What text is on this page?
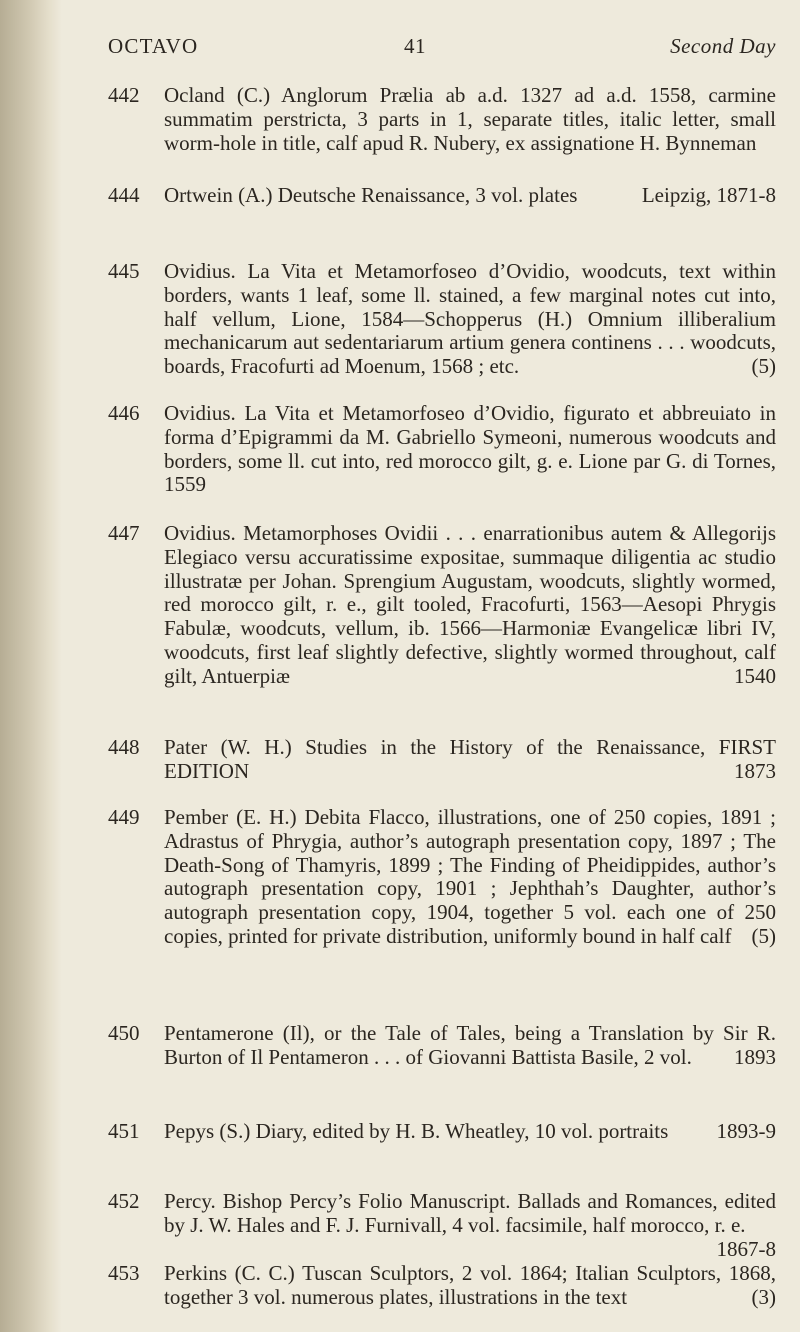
OCTAVO	41	Second Day
442	Ocland (C.) Anglorum Prælia ab a.d. 1327 ad a.d. 1558, carmine summatim perstricta, 3 parts in 1, separate titles, italic letter, small worm-hole in title, calf apud R. Nubery, ex assignatione H. Bynneman
444	Ortwein (A.) Deutsche Renaissance, 3 vol. plates	Leipzig, 1871-8
445	Ovidius. La Vita et Metamorfoseo d’Ovidio, woodcuts, text within borders, wants 1 leaf, some ll. stained, a few marginal notes cut into, half vellum, Lione, 1584—Schopperus (H.) Omnium illiberalium mechanicarum aut sedentariarum artium genera continens . . . woodcuts, boards, Fracofurti ad Moenum, 1568 ; etc.	(5)
446	Ovidius. La Vita et Metamorfoseo d’Ovidio, figurato et abbreuiato in forma d’Epigrammi da M. Gabriello Symeoni, numerous woodcuts and borders, some ll. cut into, red morocco gilt, g. e. Lione par G. di Tornes, 1559
447	Ovidius. Metamorphoses Ovidii . . . enarrationibus autem & Allegorijs Elegiaco versu accuratissime expositae, summaque diligentia ac studio illustratæ per Johan. Sprengium Augustam, woodcuts, slightly wormed, red morocco gilt, r. e., gilt tooled, Fracofurti, 1563—Aesopi Phrygis Fabulæ, woodcuts, vellum, ib. 1566—Harmoniæ Evangelicæ libri IV, woodcuts, first leaf slightly defective, slightly wormed throughout, calf gilt, Antuerpiæ	1540
448	Pater (W. H.) Studies in the History of the Renaissance, FIRST EDITION	1873
449	Pember (E. H.) Debita Flacco, illustrations, one of 250 copies, 1891 ; Adrastus of Phrygia, author’s autograph presentation copy, 1897 ; The Death-Song of Thamyris, 1899 ; The Finding of Pheidippides, author’s autograph presentation copy, 1901 ; Jephthah’s Daughter, author’s autograph presentation copy, 1904, together 5 vol. each one of 250 copies, printed for private distribution, uniformly bound in half calf (5)
450	Pentamerone (Il), or the Tale of Tales, being a Translation by Sir R. Burton of Il Pentameron . . . of Giovanni Battista Basile, 2 vol. 1893
451	Pepys (S.) Diary, edited by H. B. Wheatley, 10 vol. portraits 1893-9
452	Percy. Bishop Percy’s Folio Manuscript. Ballads and Romances, edited by J. W. Hales and F. J. Furnivall, 4 vol. facsimile, half morocco, r. e.
1867-8
453	Perkins (C. C.) Tuscan Sculptors, 2 vol. 1864; Italian Sculptors, 1868, together 3 vol. numerous plates, illustrations in the text	(3)
